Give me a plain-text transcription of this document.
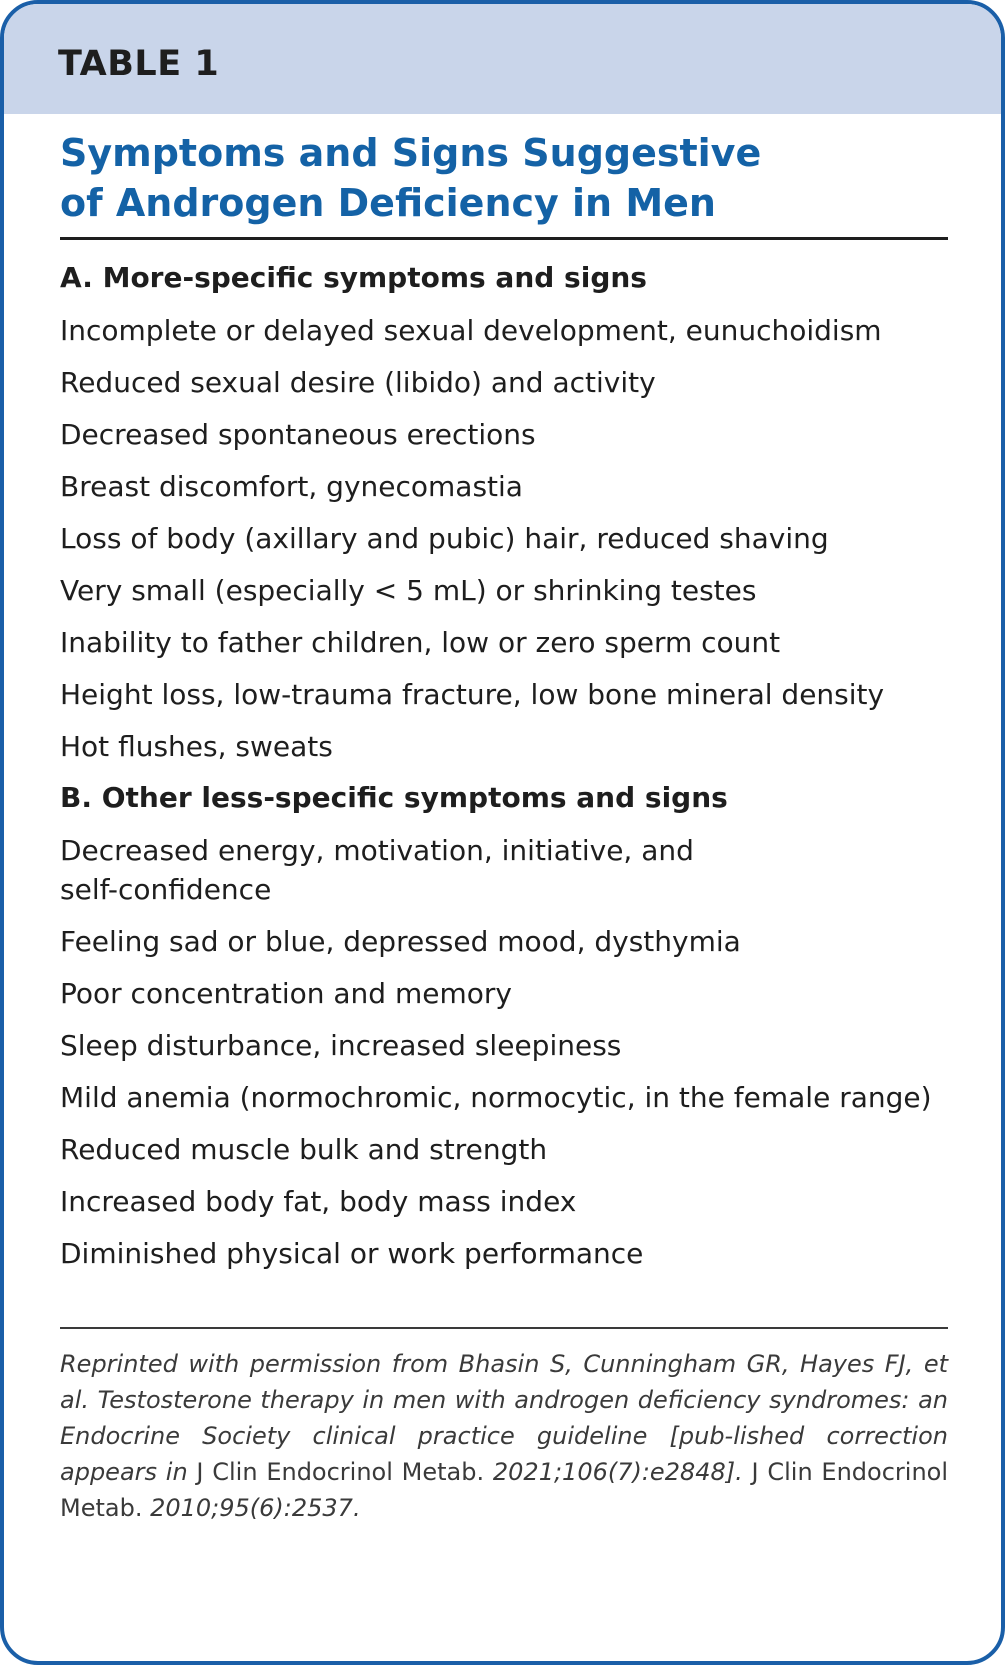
TABLE 1
Symptoms and Signs Suggestive
of Androgen Deficiency in Men
A. More-specific symptoms and signs
Incomplete or delayed sexual development, eunuchoidism
Reduced sexual desire (libido) and activity
Decreased spontaneous erections
Breast discomfort, gynecomastia
Loss of body (axillary and pubic) hair, reduced shaving
Very small (especially < 5 mL) or shrinking testes
Inability to father children, low or zero sperm count
Height loss, low-trauma fracture, low bone mineral density
Hot flushes, sweats
B. Other less-specific symptoms and signs
Decreased energy, motivation, initiative, and self-confidence
Feeling sad or blue, depressed mood, dysthymia
Poor concentration and memory
Sleep disturbance, increased sleepiness
Mild anemia (normochromic, normocytic, in the female range)
Reduced muscle bulk and strength
Increased body fat, body mass index
Diminished physical or work performance
Reprinted with permission from Bhasin S, Cunningham GR, Hayes FJ, et al. Testosterone therapy in men with androgen deficiency syndromes: an Endocrine Society clinical practice guideline [pub-lished correction appears in J Clin Endocrinol Metab. 2021;106(7):e2848]. J Clin Endocrinol Metab. 2010;95(6):2537.
